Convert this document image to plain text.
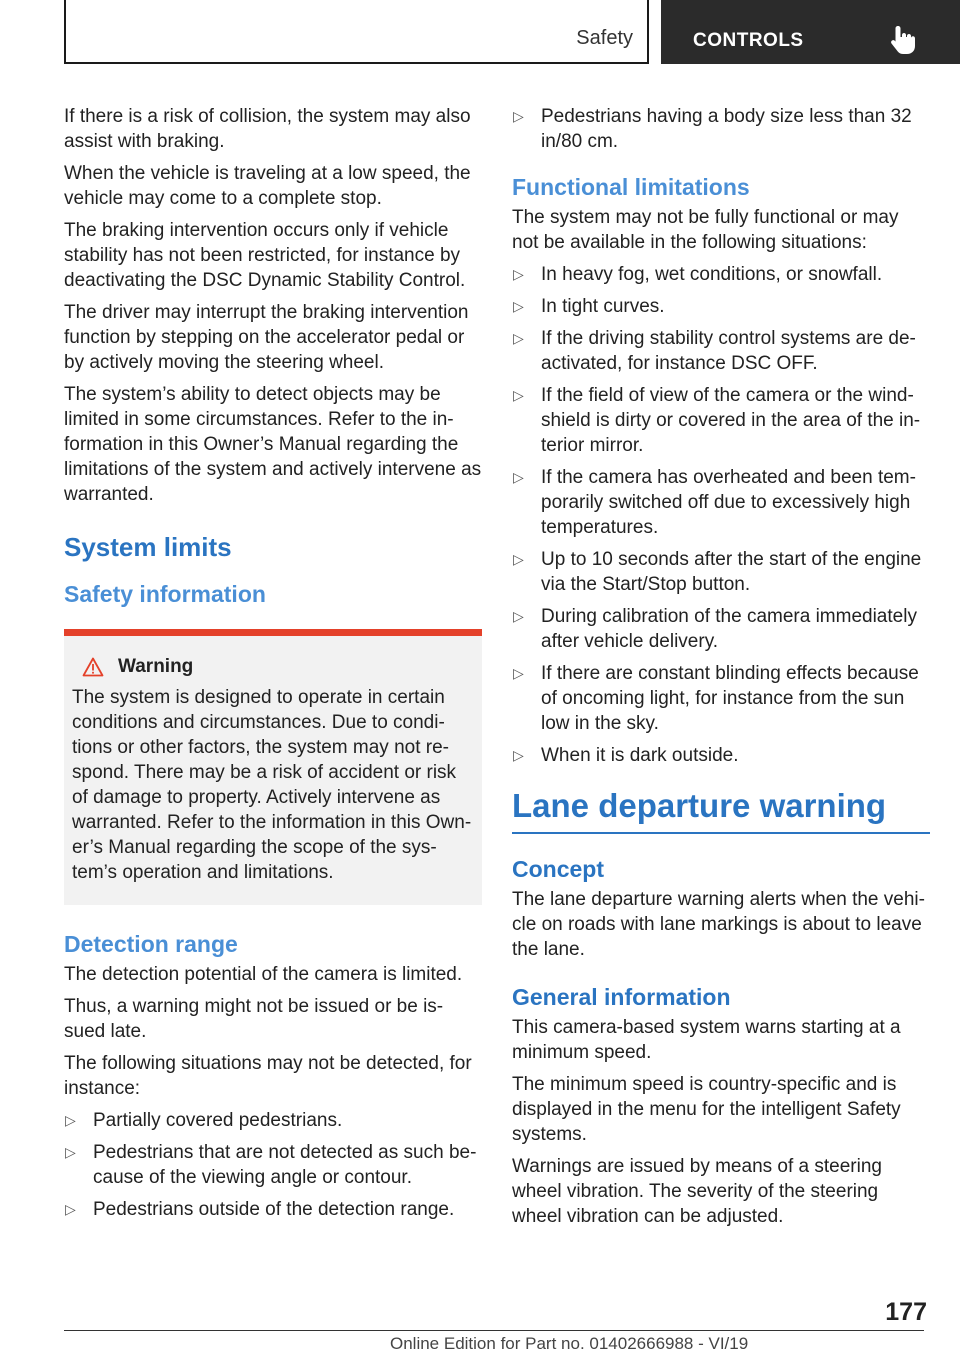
Safety	CONTROLS

If there is a risk of collision, the system may also assist with braking.

When the vehicle is traveling at a low speed, the vehicle may come to a complete stop.

The braking intervention occurs only if vehicle stability has not been restricted, for instance by deactivating the DSC Dynamic Stability Control.

The driver may interrupt the braking intervention function by stepping on the accelerator pedal or by actively moving the steering wheel.

The system’s ability to detect objects may be limited in some circumstances. Refer to the in-formation in this Owner’s Manual regarding the limitations of the system and actively intervene as warranted.

System limits
Safety information
Warning

The system is designed to operate in certain conditions and circumstances. Due to condi-tions or other factors, the system may not re-spond. There may be a risk of accident or risk of damage to property. Actively intervene as warranted. Refer to the information in this Own-er’s Manual regarding the scope of the sys-tem’s operation and limitations.

Detection range

The detection potential of the camera is limited.

Thus, a warning might not be issued or be is-sued late.

The following situations may not be detected, for instance:

▷ Partially covered pedestrians.
▷ Pedestrians that are not detected as such be-cause of the viewing angle or contour.
▷ Pedestrians outside of the detection range.
▷ Pedestrians having a body size less than 32 in/80 cm.
Functional limitations

The system may not be fully functional or may not be available in the following situations:

▷ In heavy fog, wet conditions, or snowfall.
▷ In tight curves.
▷ If the driving stability control systems are de-activated, for instance DSC OFF.
▷ If the field of view of the camera or the wind-shield is dirty or covered in the area of the in-terior mirror.
▷ If the camera has overheated and been tem-porarily switched off due to excessively high temperatures.
▷ Up to 10 seconds after the start of the engine via the Start/Stop button.
▷ During calibration of the camera immediately after vehicle delivery.
▷ If there are constant blinding effects because of oncoming light, for instance from the sun low in the sky.
▷ When it is dark outside.
Lane departure warning
Concept

The lane departure warning alerts when the vehi-cle on roads with lane markings is about to leave the lane.

General information

This camera-based system warns starting at a minimum speed.

The minimum speed is country-specific and is displayed in the menu for the intelligent Safety systems.

Warnings are issued by means of a steering wheel vibration. The severity of the steering wheel vibration can be adjusted.

177
Online Edition for Part no. 01402666988 - VI/19
